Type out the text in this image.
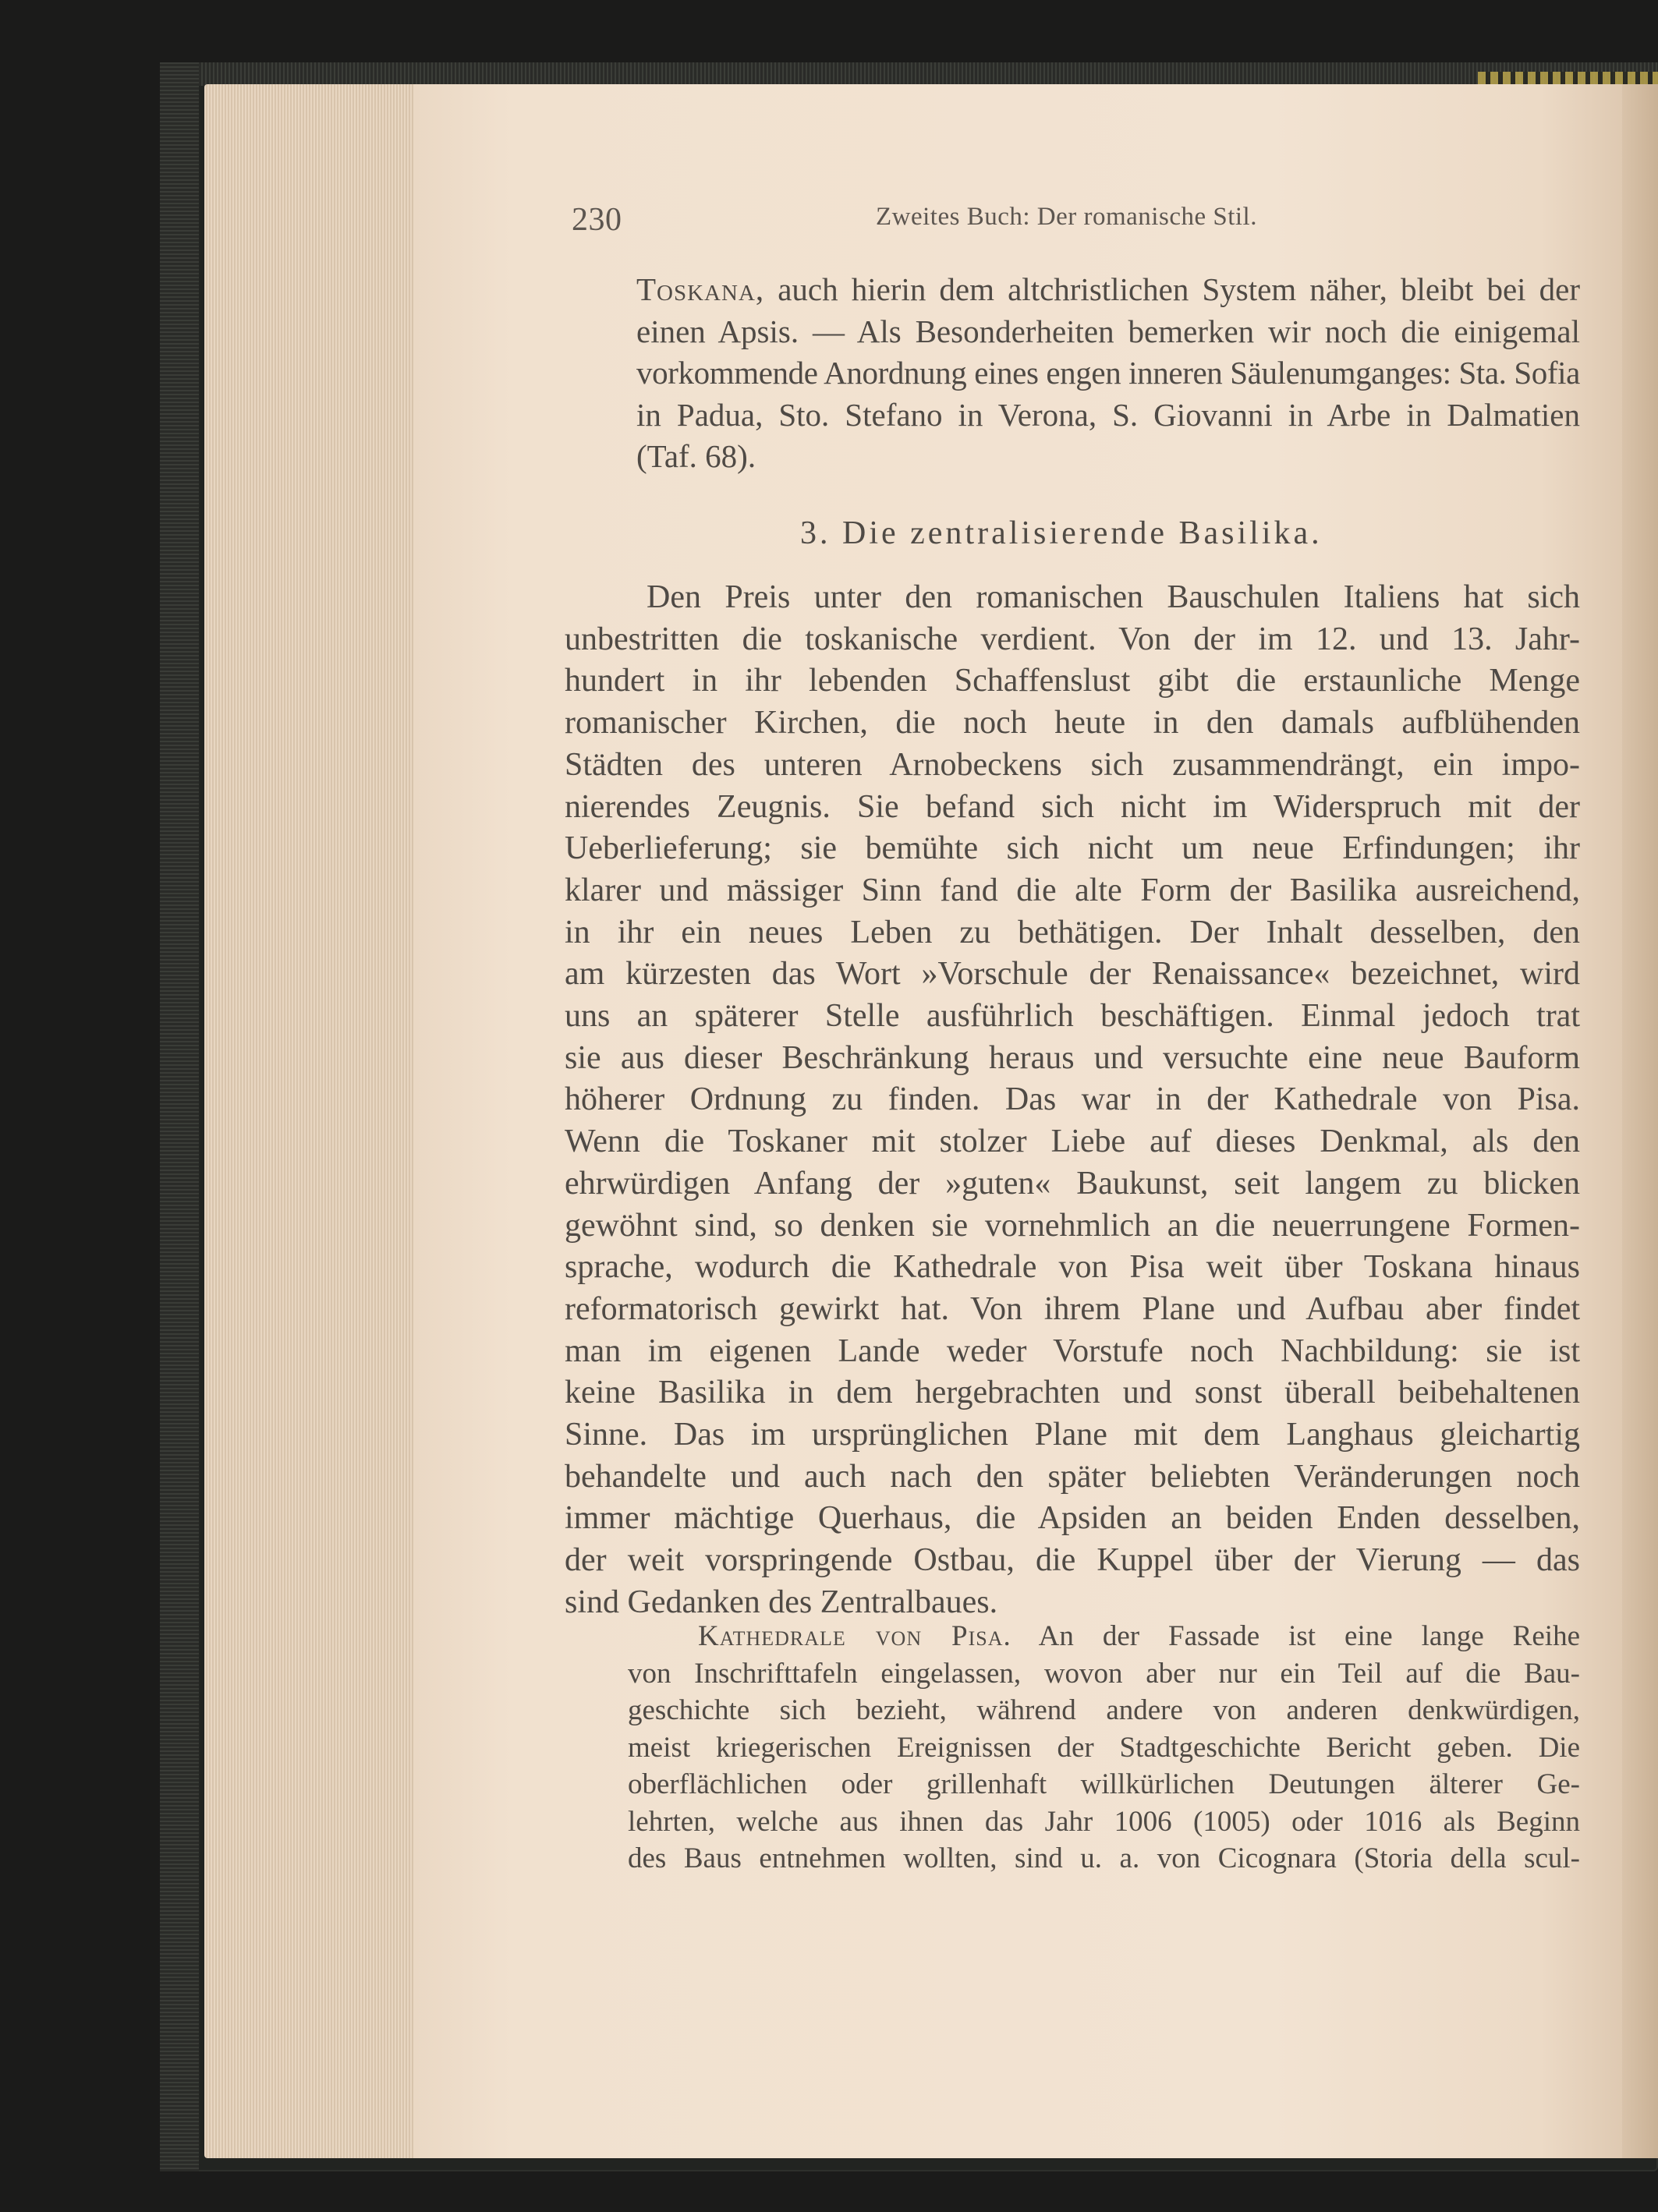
230	Zweites Buch: Der romanische Stil.
Toskana, auch hierin dem altchristlichen System näher, bleibt bei der
einen Apsis. — Als Besonderheiten bemerken wir noch die einigemal
vorkommende Anordnung eines engen inneren Säulenumganges: Sta. Sofia
in Padua, Sto. Stefano in Verona, S. Giovanni in Arbe in Dalmatien
(Taf. 68).
3. Die zentralisierende Basilika.
Den Preis unter den romanischen Bauschulen Italiens hat sich
unbestritten die toskanische verdient. Von der im 12. und 13. Jahr-
hundert in ihr lebenden Schaffenslust gibt die erstaunliche Menge
romanischer Kirchen, die noch heute in den damals aufblühenden
Städten des unteren Arnobeckens sich zusammendrängt, ein impo-
nierendes Zeugnis. Sie befand sich nicht im Widerspruch mit der
Ueberlieferung; sie bemühte sich nicht um neue Erfindungen; ihr
klarer und mässiger Sinn fand die alte Form der Basilika ausreichend,
in ihr ein neues Leben zu bethätigen. Der Inhalt desselben, den
am kürzesten das Wort »Vorschule der Renaissance« bezeichnet, wird
uns an späterer Stelle ausführlich beschäftigen. Einmal jedoch trat
sie aus dieser Beschränkung heraus und versuchte eine neue Bauform
höherer Ordnung zu finden. Das war in der Kathedrale von Pisa.
Wenn die Toskaner mit stolzer Liebe auf dieses Denkmal, als den
ehrwürdigen Anfang der »guten« Baukunst, seit langem zu blicken
gewöhnt sind, so denken sie vornehmlich an die neuerrungene Formen-
sprache, wodurch die Kathedrale von Pisa weit über Toskana hinaus
reformatorisch gewirkt hat. Von ihrem Plane und Aufbau aber findet
man im eigenen Lande weder Vorstufe noch Nachbildung: sie ist
keine Basilika in dem hergebrachten und sonst überall beibehaltenen
Sinne. Das im ursprünglichen Plane mit dem Langhaus gleichartig
behandelte und auch nach den später beliebten Veränderungen noch
immer mächtige Querhaus, die Apsiden an beiden Enden desselben,
der weit vorspringende Ostbau, die Kuppel über der Vierung — das
sind Gedanken des Zentralbaues.
Kathedrale von Pisa. An der Fassade ist eine lange Reihe
von Inschrifttafeln eingelassen, wovon aber nur ein Teil auf die Bau-
geschichte sich bezieht, während andere von anderen denkwürdigen,
meist kriegerischen Ereignissen der Stadtgeschichte Bericht geben. Die
oberflächlichen oder grillenhaft willkürlichen Deutungen älterer Ge-
lehrten, welche aus ihnen das Jahr 1006 (1005) oder 1016 als Beginn
des Baus entnehmen wollten, sind u. a. von Cicognara (Storia della scul-
